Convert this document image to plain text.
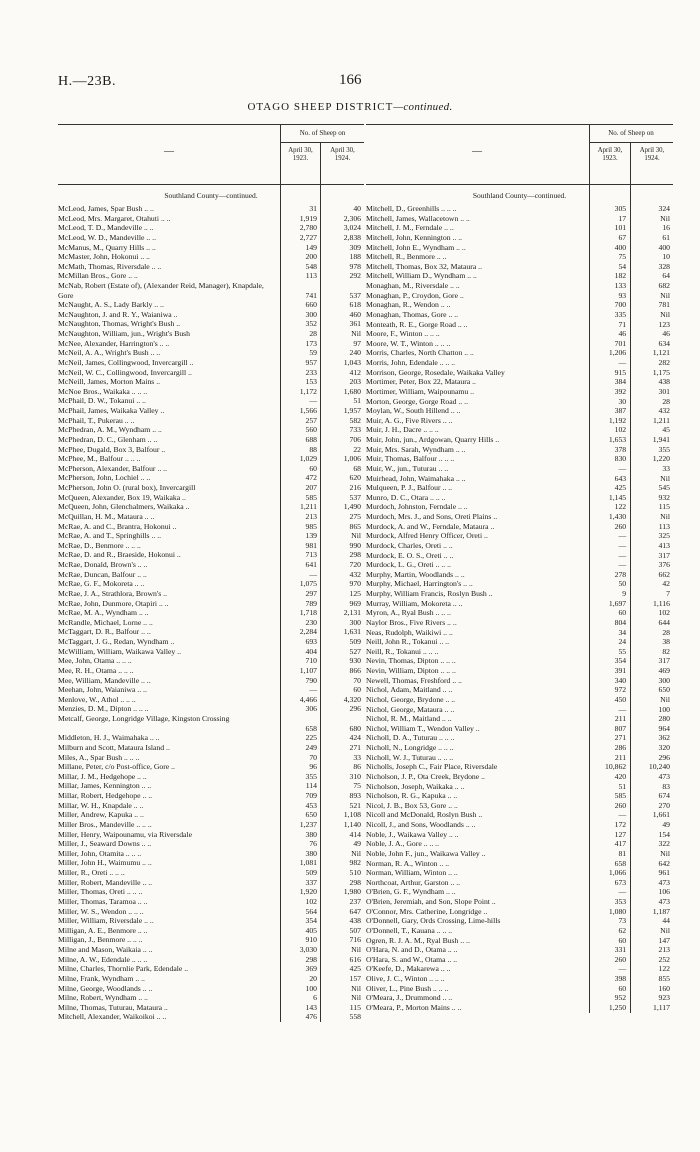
H.—23B.	166
OTAGO SHEEP DISTRICT—continued.
—
No. of Sheep on
April 30,
1923.
April 30,
1924.
Southland County—continued.
McLeod, James, Spar Bush .. ..	31	40
McLeod, Mrs. Margaret, Otahuti .. ..	1,919	2,306
McLeod, T. D., Mandeville .. ..	2,780	3,024
McLeod, W. D., Mandeville .. ..	2,727	2,838
McManus, M., Quarry Hills .. ..	149	309
McMaster, John, Hokonui .. ..	200	188
McMath, Thomas, Riversdale .. ..	548	978
McMillan Bros., Gore .. ..	113	292
McNab, Robert (Estate of), (Alexander Reid, Manager), Knapdale, Gore	741	537
McNaught, A. S., Lady Barkly .. ..	660	618
McNaughton, J. and R. Y., Waianiwa ..	300	460
McNaughton, Thomas, Wright's Bush ..	352	361
McNaughton, William, jun., Wright's Bush	28	Nil
McNee, Alexander, Harrington's .. ..	173	97
McNeil, A. A., Wright's Bush .. ..	59	240
McNeil, James, Collingwood, Invercargill ..	957	1,043
McNeil, W. C., Collingwood, Invercargill ..	233	412
McNeill, James, Morton Mains ..	153	203
McNoe Bros., Waikaka .. .. ..	1,172	1,680
McPhail, D. W., Tokanui .. ..	—	51
McPhail, James, Waikaka Valley ..	1,566	1,957
McPhail, T., Pukerau .. ..	257	582
McPhedran, A. M., Wyndham .. ..	560	733
McPhedran, D. C., Glenham .. ..	688	706
McPhee, Dugald, Box 3, Balfour ..	88	22
McPhee, M., Balfour .. .. ..	1,029	1,006
McPherson, Alexander, Balfour .. ..	60	68
McPherson, John, Lochiel .. ..	472	620
McPherson, John O. (rural box), Invercargill	207	216
McQueen, Alexander, Box 19, Waikaka ..	585	537
McQueen, John, Glenchalmers, Waikaka ..	1,211	1,490
McQuillan, H. M., Mataura .. ..	213	275
McRae, A. and C., Brantra, Hokonui ..	985	865
McRae, A. and T., Springhills .. ..	139	Nil
McRae, D., Benmore .. .. ..	981	990
McRae, D. and R., Braeside, Hokonui ..	713	298
McRae, Donald, Brown's .. ..	641	720
McRae, Duncan, Balfour .. ..	—	432
McRae, G. F., Mokoreta .. ..	1,075	970
McRae, J. A., Strathlora, Brown's ..	297	125
McRae, John, Dunmore, Otapiri .. ..	789	969
McRae, M. A., Wyndham .. ..	1,718	2,131
McRandle, Michael, Lorne .. ..	230	300
McTaggart, D. R., Balfour .. ..	2,284	1,631
McTaggart, J. G., Redan, Wyndham ..	693	509
McWilliam, William, Waikawa Valley ..	404	527
Mee, John, Otama .. .. ..	710	930
Mee, R. H., Otama .. .. ..	1,107	866
Mee, William, Mandeville .. ..	790	70
Meehan, John, Waianiwa .. ..	—	60
Menlove, W., Athol .. .. ..	4,466	4,320
Menzies, D. M., Dipton .. .. ..	306	296
Metcalf, George, Longridge Village, Kingston Crossing
658	680
Middleton, H. J., Waimahaka .. ..	225	424
Milburn and Scott, Mataura Island ..	249	271
Miles, A., Spar Bush .. .. ..	70	33
Millane, Peter, c/o Post-office, Gore ..	96	86
Millar, J. M., Hedgehope .. ..	355	310
Millar, James, Kennington .. ..	114	75
Millar, Robert, Hedgehope .. ..	709	893
Millar, W. H., Knapdale .. ..	453	521
Miller, Andrew, Kapuka .. ..	650	1,108
Miller Bros., Mandeville .. .. ..	1,237	1,140
Miller, Henry, Waipounamu, via Riversdale	380	414
Miller, J., Seaward Downs .. ..	76	49
Miller, John, Otamita .. .. ..	380	Nil
Miller, John H., Waimumu .. ..	1,081	982
Miller, R., Oreti .. .. ..	509	510
Miller, Robert, Mandeville .. ..	337	298
Miller, Thomas, Oreti .. .. ..	1,920	1,980
Miller, Thomas, Taramoa .. ..	102	237
Miller, W. S., Wendon .. .. ..	564	647
Miller, William, Riversdale .. ..	354	438
Milligan, A. E., Benmore .. ..	405	507
Milligan, J., Benmore .. .. ..	910	716
Milne and Mason, Waikaia .. ..	3,030	Nil
Milne, A. W., Edendale .. .. ..	298	616
Milne, Charles, Thornlie Park, Edendale ..	369	425
Milne, Frank, Wyndham .. ..	20	157
Milne, George, Woodlands .. ..	100	Nil
Milne, Robert, Wyndham .. ..	6	Nil
Milne, Thomas, Tuturau, Mataura ..	143	115
Mitchell, Alexander, Waikoikoi .. ..	476	558
—
No. of Sheep on
April 30,
1923.
April 30,
1924.
Southland County—continued.
Mitchell, D., Greenhills .. .. ..	305	324
Mitchell, James, Wallacetown .. ..	17	Nil
Mitchell, J. M., Ferndale .. ..	101	16
Mitchell, John, Kennington .. ..	67	61
Mitchell, John E., Wyndham .. ..	400	400
Mitchell, R., Benmore .. ..	75	10
Mitchell, Thomas, Box 32, Mataura ..	54	328
Mitchell, William D., Wyndham .. ..	182	64
Monaghan, M., Riversdale .. ..	133	682
Monaghan, P., Croydon, Gore ..	93	Nil
Monaghan, R., Wendon .. ..	700	781
Monaghan, Thomas, Gore .. ..	335	Nil
Monteath, R. E., Gorge Road .. ..	71	123
Moore, F., Winton .. .. ..	46	46
Moore, W. T., Winton .. .. ..	701	634
Morris, Charles, North Chatton .. ..	1,206	1,121
Morris, John, Edendale .. .. ..	—	282
Morrison, George, Rosedale, Waikaka Valley	915	1,175
Mortimer, Peter, Box 22, Mataura ..	384	438
Mortimer, William, Waipounamu ..	392	301
Morton, George, Gorge Road .. ..	30	28
Moylan, W., South Hillend .. ..	387	432
Muir, A. G., Five Rivers .. ..	1,192	1,211
Muir, J. H., Dacre .. .. ..	102	45
Muir, John, jun., Ardgowan, Quarry Hills ..	1,653	1,941
Muir, Mrs. Sarah, Wyndham .. ..	378	355
Muir, Thomas, Balfour .. .. ..	830	1,220
Muir, W., jun., Tuturau .. ..	—	33
Muirhead, John, Waimahaka .. ..	643	Nil
Mulqueen, P. J., Balfour .. ..	425	545
Munro, D. C., Otara .. .. ..	1,145	932
Murdoch, Johnston, Ferndale .. ..	122	115
Murdoch, Mrs. J., and Sons, Oreti Plains ..	1,430	Nil
Murdock, A. and W., Ferndale, Mataura ..	260	113
Murdock, Alfred Henry Officer, Oreti ..	—	325
Murdock, Charles, Oreti .. ..	—	413
Murdock, E. O. S., Oreti .. ..	—	317
Murdock, L. G., Oreti .. .. ..	—	376
Murphy, Martin, Woodlands .. ..	278	662
Murphy, Michael, Harrington's .. ..	50	42
Murphy, William Francis, Roslyn Bush ..	9	7
Murray, William, Mokoreta .. ..	1,697	1,116
Myron, A., Ryal Bush .. .. ..	60	102
Naylor Bros., Five Rivers .. ..	804	644
Neas, Rudolph, Waikiwi .. ..	34	28
Neill, John R., Tokanui .. ..	24	38
Neill, R., Tokanui .. .. ..	55	82
Nevin, Thomas, Dipton .. .. ..	354	317
Nevin, William, Dipton .. .. ..	391	469
Newell, Thomas, Freshford .. ..	340	300
Nichol, Adam, Maitland .. ..	972	650
Nichol, George, Brydone .. ..	450	Nil
Nichol, George, Mataura .. ..	—	100
Nichol, R. M., Maitland .. ..	211	280
Nichol, William T., Wendon Valley ..	807	964
Nicholl, D. A., Tuturau .. .. ..	271	362
Nicholl, N., Longridge .. .. ..	286	320
Nicholl, W. J., Tuturau .. .. ..	211	296
Nicholls, Joseph C., Fair Place, Riversdale	10,862	10,240
Nicholson, J. P., Ota Creek, Brydone ..	420	473
Nicholson, Joseph, Waikaka .. ..	51	83
Nicholson, R. G., Kapuka .. ..	585	674
Nicol, J. B., Box 53, Gore .. ..	260	270
Nicoll and McDonald, Roslyn Bush ..	—	1,661
Nicoll, J., and Sons, Woodlands .. ..	172	49
Noble, J., Waikawa Valley .. ..	127	154
Noble, J. A., Gore .. .. ..	417	322
Noble, John F., jun., Waikawa Valley ..	81	Nil
Norman, R. A., Winton .. ..	658	642
Norman, William, Winton .. ..	1,066	961
Northcoat, Arthur, Garston .. ..	673	473
O'Brien, G. F., Wyndham .. ..	—	106
O'Brien, Jeremiah, and Son, Slope Point ..	353	473
O'Connor, Mrs. Catherine, Longridge ..	1,080	1,187
O'Donnell, Gary, Ords Crossing, Lime-hills	73	44
O'Donnell, T., Kauana .. .. ..	62	Nil
Ogren, R. J. A. M., Ryal Bush .. ..	60	147
O'Hara, N. and D., Otama .. ..	331	213
O'Hara, S. and W., Otama .. ..	260	252
O'Keefe, D., Makarewa .. ..	—	122
Olive, J. C., Winton .. .. ..	398	855
Oliver, L., Pine Bush .. .. ..	60	160
O'Meara, J., Drummond .. ..	952	923
O'Meara, P., Morton Mains .. ..	1,250	1,117
